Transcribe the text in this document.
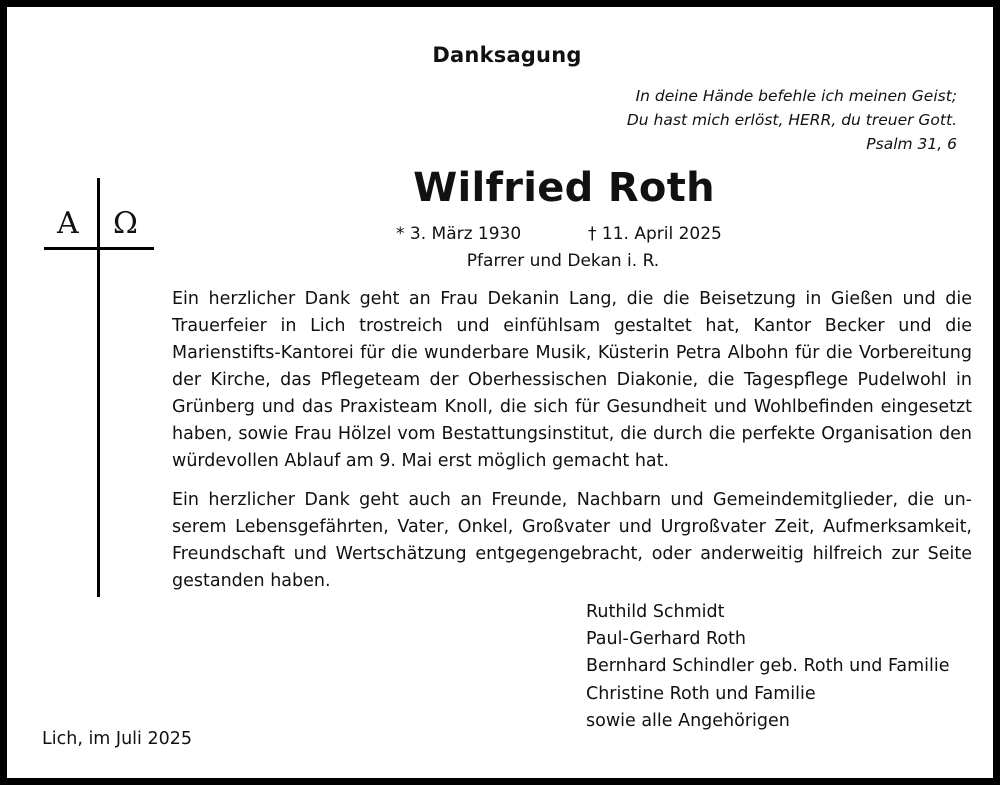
Danksagung
In deine Hände befehle ich meinen Geist;
Du hast mich erlöst, HERR, du treuer Gott.
Psalm 31, 6
A Ω
Wilfried Roth
* 3. März 1930	† 11. April 2025
Pfarrer und Dekan i. R.

Ein herzlicher Dank geht an Frau Dekanin Lang, die die Beisetzung in Gießen und die Trauerfeier in Lich trostreich und einfühlsam gestaltet hat, Kantor Becker und die Marienstifts-Kantorei für die wunderbare Musik, Küsterin Petra Albohn für die Vorbereitung der Kirche, das Pflegeteam der Oberhessischen Diakonie, die Tagespflege Pudelwohl in Grünberg und das Praxisteam Knoll, die sich für Gesundheit und Wohlbefinden eingesetzt haben, sowie Frau Hölzel vom Bestattungsinstitut, die durch die perfekte Organisation den würdevollen Ablauf am 9. Mai erst möglich gemacht hat.

Ein herzlicher Dank geht auch an Freunde, Nachbarn und Gemeindemitglieder, die unserem Lebensgefährten, Vater, Onkel, Großvater und Urgroßvater Zeit, Aufmerksamkeit, Freundschaft und Wertschätzung entgegengebracht, oder anderweitig hilfreich zur Seite gestanden haben.

Ruthild Schmidt
Paul-Gerhard Roth
Bernhard Schindler geb. Roth und Familie
Christine Roth und Familie
sowie alle Angehörigen
Lich, im Juli 2025
